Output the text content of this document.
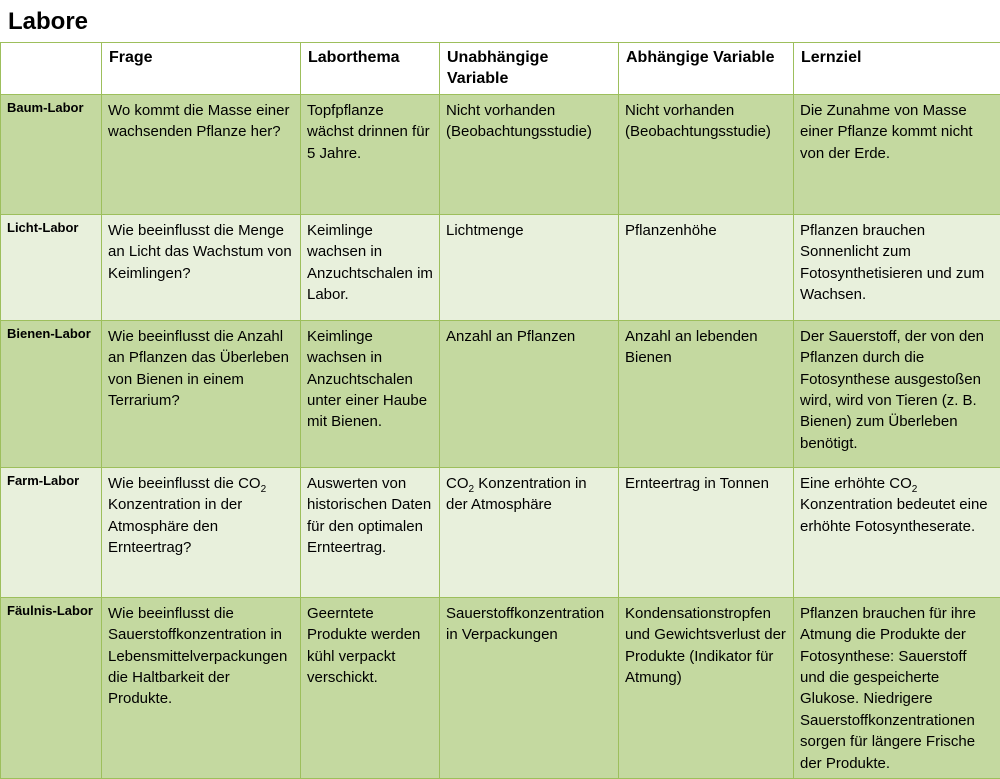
Labore
	Frage	Laborthema	Unabhängige Variable	Abhängige Variable	Lernziel
Baum-Labor	Wo kommt die Masse einer wachsenden Pflanze her?	Topfpflanze wächst drinnen für 5 Jahre.	Nicht vorhanden (Beobachtungsstudie)	Nicht vorhanden (Beobachtungsstudie)	Die Zunahme von Masse einer Pflanze kommt nicht von der Erde.
Licht-Labor	Wie beeinflusst die Menge an Licht das Wachstum von Keimlingen?	Keimlinge wachsen in Anzuchtschalen im Labor.	Lichtmenge	Pflanzenhöhe	Pflanzen brauchen Sonnenlicht zum Fotosynthetisieren und zum Wachsen.
Bienen-Labor	Wie beeinflusst die Anzahl an Pflanzen das Überleben von Bienen in einem Terrarium?	Keimlinge wachsen in Anzuchtschalen unter einer Haube mit Bienen.	Anzahl an Pflanzen	Anzahl an lebenden Bienen	Der Sauerstoff, der von den Pflanzen durch die Fotosynthese ausgestoßen wird, wird von Tieren (z. B. Bienen) zum Überleben benötigt.
Farm-Labor	Wie beeinflusst die $CO_2$ Konzentration in der Atmosphäre den Ernteertrag?	Auswerten von historischen Daten für den optimalen Ernteertrag.	$CO_2$ Konzentration in der Atmosphäre	Ernteertrag in Tonnen	Eine erhöhte $CO_2$ Konzentration bedeutet eine erhöhte Fotosyntheserate.
Fäulnis-Labor	Wie beeinflusst die Sauerstoffkonzentration in Lebensmittelverpackungen die Haltbarkeit der Produkte.	Geerntete Produkte werden kühl verpackt verschickt.	Sauerstoffkonzentration in Verpackungen	Kondensationstropfen und Gewichtsverlust der Produkte (Indikator für Atmung)	Pflanzen brauchen für ihre Atmung die Produkte der Fotosynthese: Sauerstoff und die gespeicherte Glukose. Niedrigere Sauerstoffkonzentrationen sorgen für längere Frische der Produkte.
